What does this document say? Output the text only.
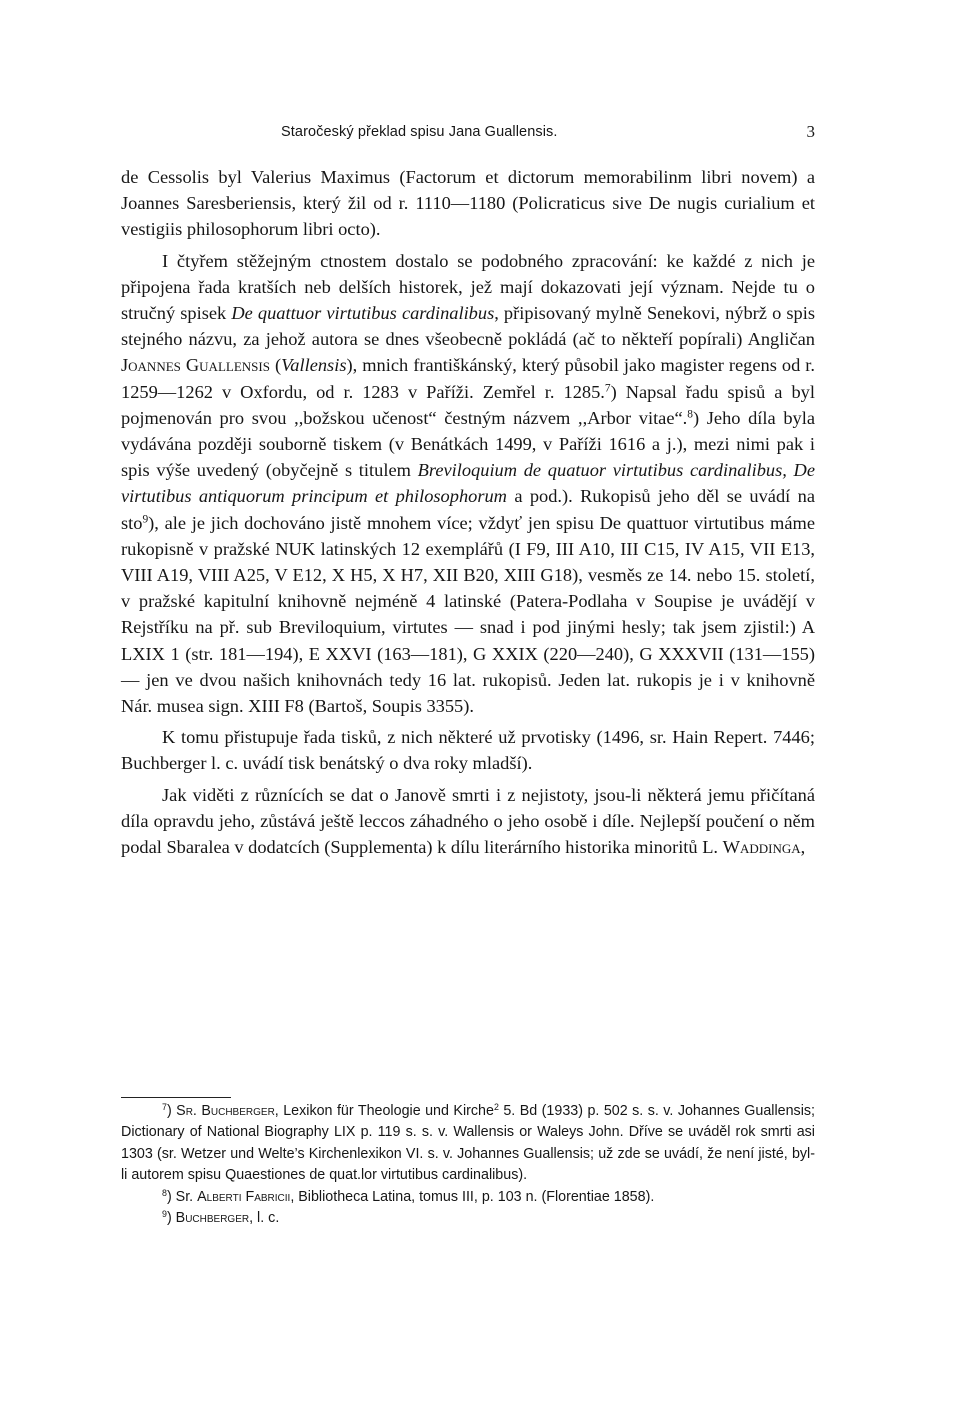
Staročeský překlad spisu Jana Guallensis.	3

de Cessolis byl Valerius Maximus (Factorum et dictorum memorabilinm libri novem) a Joannes Saresberiensis, který žil od r. 1110—1180 (Policraticus sive De nugis curialium et vestigiis philosophorum libri octo).

I čtyřem stěžejným ctnostem dostalo se podobného zpracování: ke každé z nich je připojena řada kratších neb delších historek, jež mají dokazovati její význam. Nejde tu o stručný spisek De quattuor virtutibus cardinalibus, připisovaný mylně Senekovi, nýbrž o spis stejného názvu, za jehož autora se dnes všeobecně pokládá (ač to někteří popírali) Angličan Joannes Guallensis (Vallensis), mnich františkánský, který působil jako magister regens od r. 1259—1262 v Oxfordu, od r. 1283 v Paříži. Zemřel r. 1285.$^7$) Napsal řadu spisů a byl pojmenován pro svou ,,božskou učenost“ čestným názvem ,,Arbor vitae“.$^8$) Jeho díla byla vydávána později souborně tiskem (v Benátkách 1499, v Paříži 1616 a j.), mezi nimi pak i spis výše uvedený (obyčejně s titulem Breviloquium de quatuor virtutibus cardinalibus, De virtutibus antiquorum principum et philosophorum a pod.). Rukopisů jeho děl se uvádí na sto$^9$), ale je jich dochováno jistě mnohem více; vždyť jen spisu De quattuor virtutibus máme rukopisně v pražské NUK latinských 12 exemplářů (I F9, III A10, III C15, IV A15, VII E13, VIII A19, VIII A25, V E12, X H5, X H7, XII B20, XIII G18), vesměs ze 14. nebo 15. století, v pražské kapitulní knihovně nejméně 4 latinské (Patera-Podlaha v Soupise je uvádějí v Rejstříku na př. sub Breviloquium, virtutes — snad i pod jinými hesly; tak jsem zjistil:) A LXIX 1 (str. 181—194), E XXVI (163—181), G XXIX (220—240), G XXXVII (131—155) — jen ve dvou našich knihovnách tedy 16 lat. rukopisů. Jeden lat. rukopis je i v knihovně Nár. musea sign. XIII F8 (Bartoš, Soupis 3355).

K tomu přistupuje řada tisků, z nich některé už prvotisky (1496, sr. Hain Repert. 7446; Buchberger l. c. uvádí tisk benátský o dva roky mladší).

Jak viděti z různících se dat o Janově smrti i z nejistoty, jsou-li některá jemu přičítaná díla opravdu jeho, zůstává ještě leccos záhadného o jeho osobě i díle. Nejlepší poučení o něm podal Sbaralea v dodatcích (Supplementa) k dílu literárního historika minoritů L. Waddinga,

$^7$) Sr. Buchberger, Lexikon für Theologie und Kirche$^2$ 5. Bd (1933) p. 502 s. s. v. Johannes Guallensis; Dictionary of National Biography LIX p. 119 s. s. v. Wallensis or Waleys John. Dříve se uváděl rok smrti asi 1303 (sr. Wetzer und Welte’s Kirchenlexikon VI. s. v. Johannes Guallensis; už zde se uvádí, že není jisté, byl-li autorem spisu Quaestiones de quat.lor virtutibus cardinalibus).

$^8$) Sr. Alberti Fabricii, Bibliotheca Latina, tomus III, p. 103 n. (Florentiae 1858).

$^9$) Buchberger, l. c.
